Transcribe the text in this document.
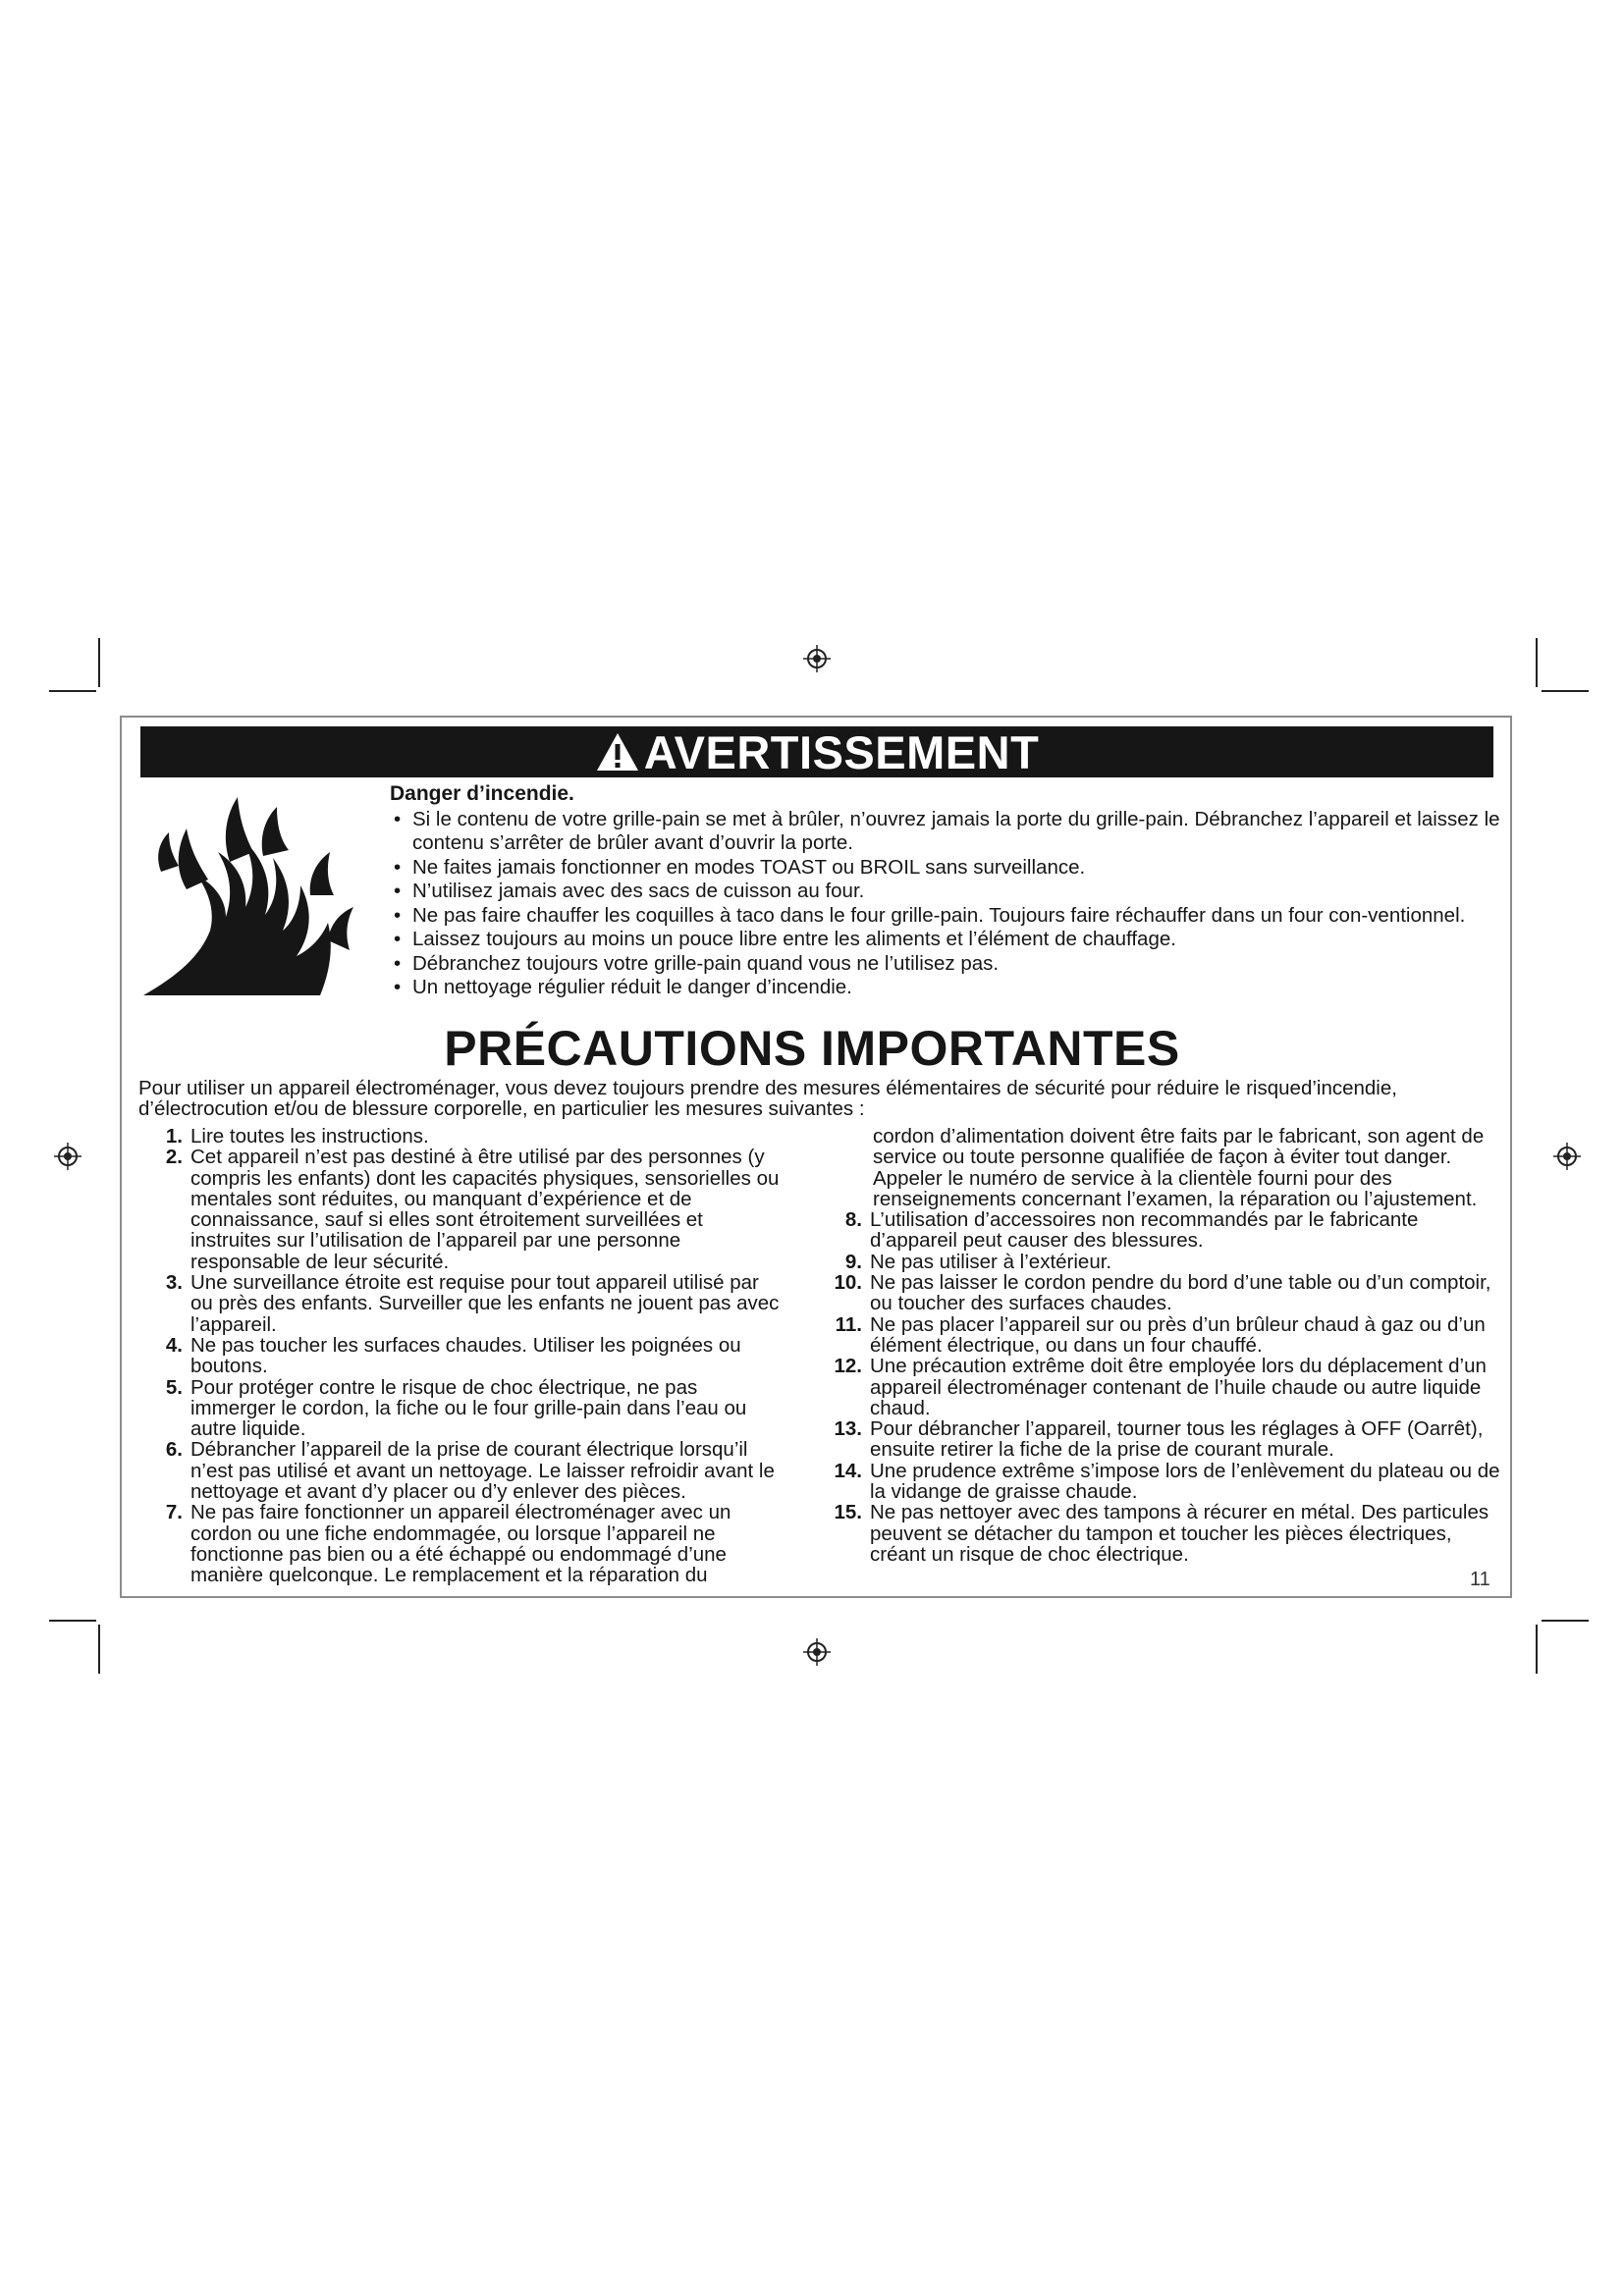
AVERTISSEMENT
Danger d’incendie.
• Si le contenu de votre grille-pain se met à brûler, n’ouvrez jamais la porte du grille-pain. Débranchez l’appareil et laissez le contenu s’arrêter de brûler avant d’ouvrir la porte.
• Ne faites jamais fonctionner en modes TOAST ou BROIL sans surveillance.
• N’utilisez jamais avec des sacs de cuisson au four.
• Ne pas faire chauffer les coquilles à taco dans le four grille-pain. Toujours faire réchauffer dans un four con-ventionnel.
• Laissez toujours au moins un pouce libre entre les aliments et l’élément de chauffage.
• Débranchez toujours votre grille-pain quand vous ne l’utilisez pas.
• Un nettoyage régulier réduit le danger d’incendie.
PRÉCAUTIONS IMPORTANTES
Pour utiliser un appareil électroménager, vous devez toujours prendre des mesures élémentaires de sécurité pour réduire le risqued’incendie, d’électrocution et/ou de blessure corporelle, en particulier les mesures suivantes :
1. Lire toutes les instructions.
2. Cet appareil n’est pas destiné à être utilisé par des personnes (y compris les enfants) dont les capacités physiques, sensorielles ou mentales sont réduites, ou manquant d’expérience et de connaissance, sauf si elles sont étroitement surveillées et instruites sur l’utilisation de l’appareil par une personne responsable de leur sécurité.
3. Une surveillance étroite est requise pour tout appareil utilisé par ou près des enfants. Surveiller que les enfants ne jouent pas avec l’appareil.
4. Ne pas toucher les surfaces chaudes. Utiliser les poignées ou boutons.
5. Pour protéger contre le risque de choc électrique, ne pas immerger le cordon, la fiche ou le four grille-pain dans l’eau ou autre liquide.
6. Débrancher l’appareil de la prise de courant électrique lorsqu’il n’est pas utilisé et avant un nettoyage. Le laisser refroidir avant le nettoyage et avant d’y placer ou d’y enlever des pièces.
7. Ne pas faire fonctionner un appareil électroménager avec un cordon ou une fiche endommagée, ou lorsque l’appareil ne fonctionne pas bien ou a été échappé ou endommagé d’une manière quelconque. Le remplacement et la réparation du
cordon d’alimentation doivent être faits par le fabricant, son agent de service ou toute personne qualifiée de façon à éviter tout danger. Appeler le numéro de service à la clientèle fourni pour des renseignements concernant l’examen, la réparation ou l’ajustement.
8. L’utilisation d’accessoires non recommandés par le fabricante d’appareil peut causer des blessures.
9. Ne pas utiliser à l’extérieur.
10. Ne pas laisser le cordon pendre du bord d’une table ou d’un comptoir, ou toucher des surfaces chaudes.
11. Ne pas placer l’appareil sur ou près d’un brûleur chaud à gaz ou d’un élément électrique, ou dans un four chauffé.
12. Une précaution extrême doit être employée lors du déplacement d’un appareil électroménager contenant de l’huile chaude ou autre liquide chaud.
13. Pour débrancher l’appareil, tourner tous les réglages à OFF (Oarrêt), ensuite retirer la fiche de la prise de courant murale.
14. Une prudence extrême s’impose lors de l’enlèvement du plateau ou de la vidange de graisse chaude.
15. Ne pas nettoyer avec des tampons à récurer en métal. Des particules peuvent se détacher du tampon et toucher les pièces électriques, créant un risque de choc électrique.
11
